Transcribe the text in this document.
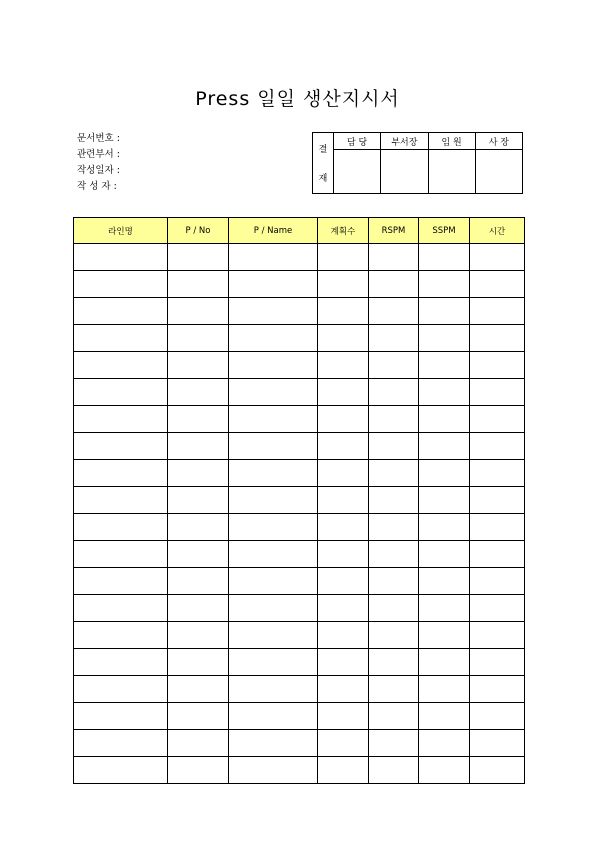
Press 일일 생산지시서
문서번호 :
관련부서 :
작성일자 :
작 성 자 :
결
재	담 당	부서장	임 원	사 장

라인명	P / No	P / Name	계획수	RSPM	SSPM	시간
